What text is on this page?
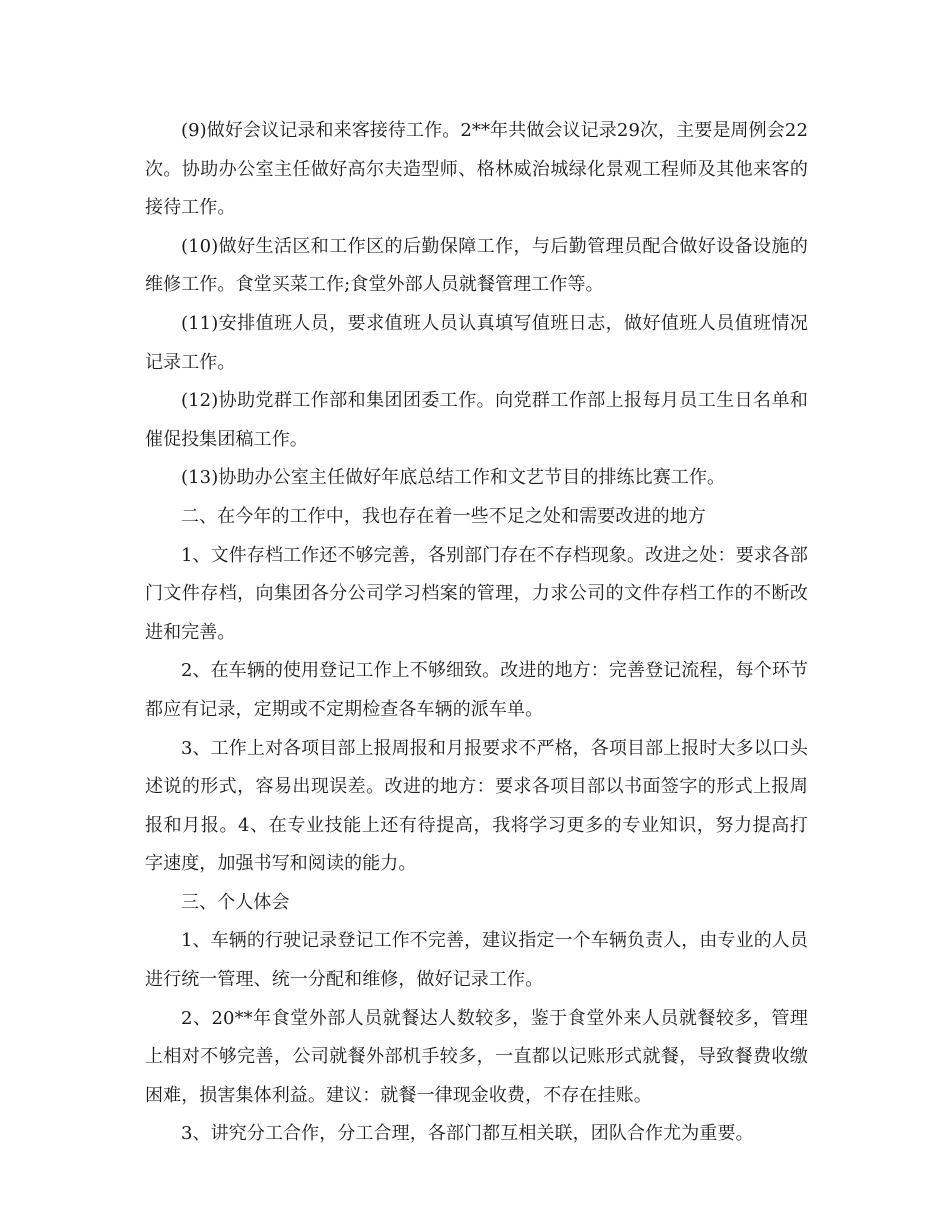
(9)做好会议记录和来客接待工作。2**年共做会议记录29次，主要是周例会22次。协助办公室主任做好高尔夫造型师、格林威治城绿化景观工程师及其他来客的接待工作。

(10)做好生活区和工作区的后勤保障工作，与后勤管理员配合做好设备设施的维修工作。食堂买菜工作;食堂外部人员就餐管理工作等。

(11)安排值班人员，要求值班人员认真填写值班日志，做好值班人员值班情况记录工作。

(12)协助党群工作部和集团团委工作。向党群工作部上报每月员工生日名单和催促投集团稿工作。

(13)协助办公室主任做好年底总结工作和文艺节目的排练比赛工作。

二、在今年的工作中，我也存在着一些不足之处和需要改进的地方

1、文件存档工作还不够完善，各别部门存在不存档现象。改进之处：要求各部门文件存档，向集团各分公司学习档案的管理，力求公司的文件存档工作的不断改进和完善。

2、在车辆的使用登记工作上不够细致。改进的地方：完善登记流程，每个环节都应有记录，定期或不定期检查各车辆的派车单。

3、工作上对各项目部上报周报和月报要求不严格，各项目部上报时大多以口头述说的形式，容易出现误差。改进的地方：要求各项目部以书面签字的形式上报周报和月报。4、在专业技能上还有待提高，我将学习更多的专业知识，努力提高打字速度，加强书写和阅读的能力。

三、个人体会

1、车辆的行驶记录登记工作不完善，建议指定一个车辆负责人，由专业的人员进行统一管理、统一分配和维修，做好记录工作。

2、20**年食堂外部人员就餐达人数较多，鉴于食堂外来人员就餐较多，管理上相对不够完善，公司就餐外部机手较多，一直都以记账形式就餐，导致餐费收缴困难，损害集体利益。建议：就餐一律现金收费，不存在挂账。

3、讲究分工合作，分工合理，各部门都互相关联，团队合作尤为重要。
